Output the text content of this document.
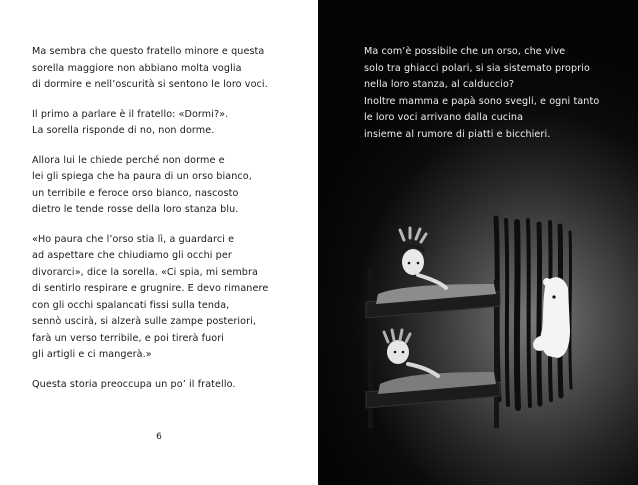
Ma sembra che questo fratello minore e questa
sorella maggiore non abbiano molta voglia
di dormire e nell’oscurità si sentono le loro voci.

Il primo a parlare è il fratello: «Dormi?».
La sorella risponde di no, non dorme.

Allora lui le chiede perché non dorme e
lei gli spiega che ha paura di un orso bianco,
un terribile e feroce orso bianco, nascosto
dietro le tende rosse della loro stanza blu.

«Ho paura che l’orso stia lì, a guardarci e
ad aspettare che chiudiamo gli occhi per
divorarci», dice la sorella. «Ci spia, mi sembra
di sentirlo respirare e grugnire. E devo rimanere
con gli occhi spalancati fissi sulla tenda,
sennò uscirà, si alzerà sulle zampe posteriori,
farà un verso terribile, e poi tirerà fuori
gli artigli e ci mangerà.»

Questa storia preoccupa un po’ il fratello.

6

Ma com’è possibile che un orso, che vive
solo tra ghiacci polari, si sia sistemato proprio
nella loro stanza, al calduccio?
Inoltre mamma e papà sono svegli, e ogni tanto
le loro voci arrivano dalla cucina
insieme al rumore di piatti e bicchieri.
